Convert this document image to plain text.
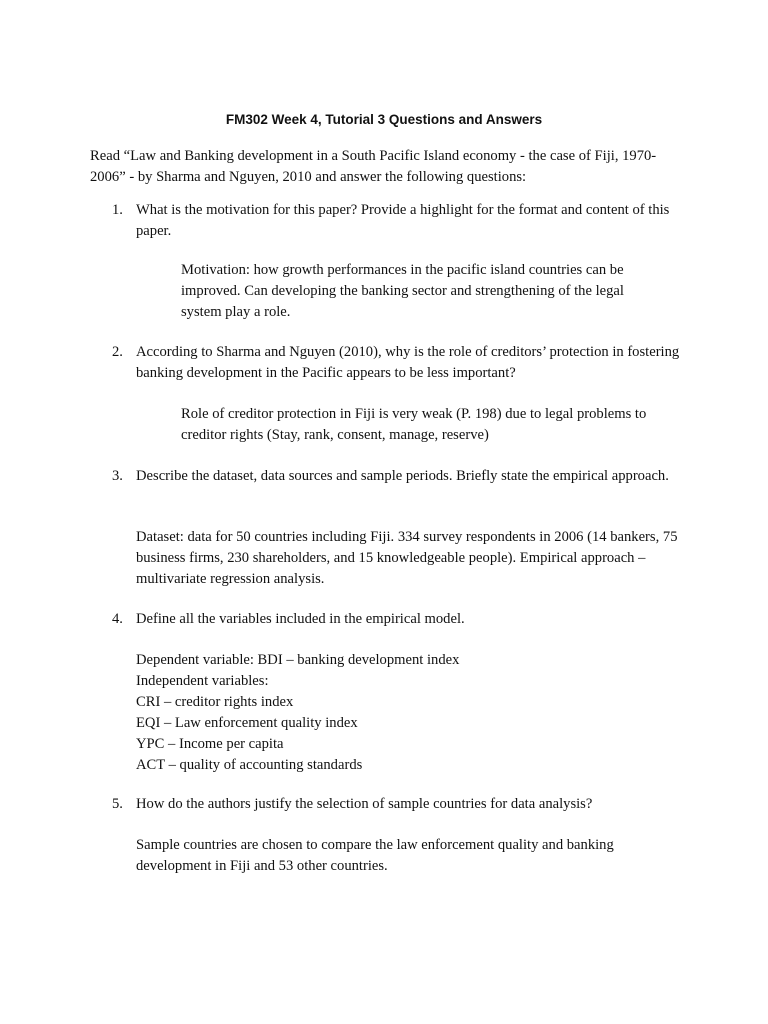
FM302 Week 4, Tutorial 3 Questions and Answers
Read “Law and Banking development in a South Pacific Island economy - the case of Fiji, 1970-2006” - by Sharma and Nguyen, 2010 and answer the following questions:
1. What is the motivation for this paper? Provide a highlight for the format and content of this paper.
Motivation: how growth performances in the pacific island countries can be improved. Can developing the banking sector and strengthening of the legal system play a role.
2. According to Sharma and Nguyen (2010), why is the role of creditors’ protection in fostering banking development in the Pacific appears to be less important?
Role of creditor protection in Fiji is very weak (P. 198) due to legal problems to creditor rights (Stay, rank, consent, manage, reserve)
3. Describe the dataset, data sources and sample periods. Briefly state the empirical approach.
Dataset: data for 50 countries including Fiji. 334 survey respondents in 2006 (14 bankers, 75 business firms, 230 shareholders, and 15 knowledgeable people). Empirical approach – multivariate regression analysis.
4. Define all the variables included in the empirical model.
Dependent variable: BDI – banking development index
Independent variables:
CRI – creditor rights index
EQI – Law enforcement quality index
YPC – Income per capita
ACT – quality of accounting standards
5. How do the authors justify the selection of sample countries for data analysis?
Sample countries are chosen to compare the law enforcement quality and banking development in Fiji and 53 other countries.
